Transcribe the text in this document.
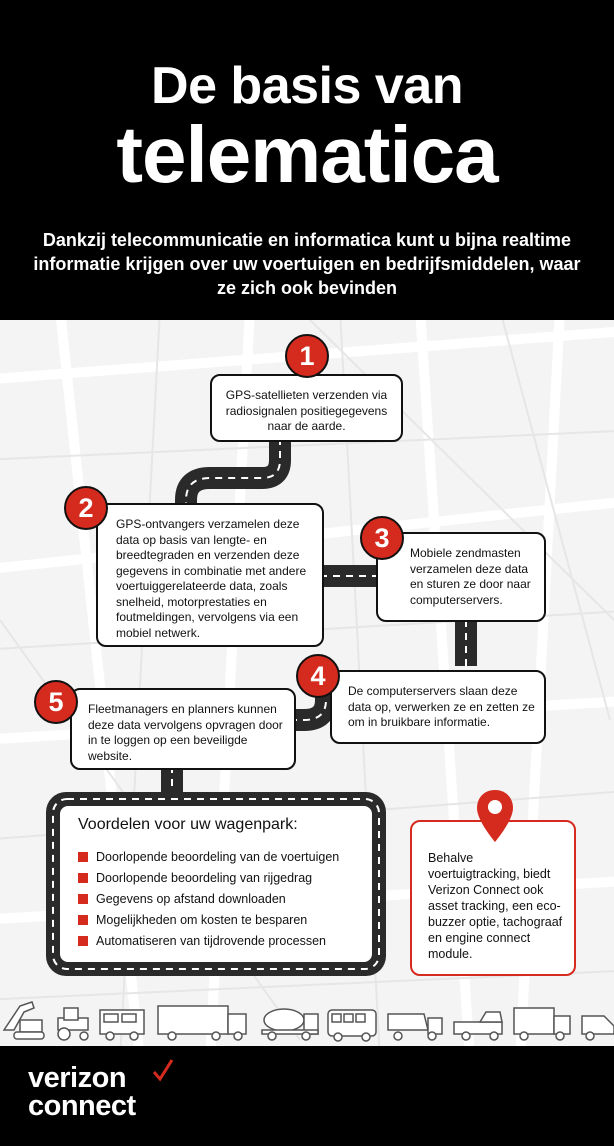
De basis van
telematica
Dankzij telecommunicatie en informatica kunt u bijna realtime informatie krijgen over uw voertuigen en bedrijfsmiddelen, waar ze zich ook bevinden
GPS-satellieten verzenden via radiosignalen positiegegevens naar de aarde.
1
GPS-ontvangers verzamelen deze data op basis van lengte- en breedtegraden en verzenden deze gegevens in combinatie met andere voertuiggerelateerde data, zoals snelheid, motorprestaties en foutmeldingen, vervolgens via een mobiel netwerk.
2
Mobiele zendmasten verzamelen deze data en sturen ze door naar computerservers.
3
De computerservers slaan deze data op, verwerken ze en zetten ze om in bruikbare informatie.
4
Fleetmanagers en planners kunnen deze data vervolgens opvragen door in te loggen op een beveiligde website.
5
Voordelen voor uw wagenpark:
Doorlopende beoordeling van de voertuigen
Doorlopende beoordeling van rijgedrag
Gegevens op afstand downloaden
Mogelijkheden om kosten te besparen
Automatiseren van tijdrovende processen
Behalve voertuigtracking, biedt Verizon Connect ook asset tracking, een eco-buzzer optie, tachograaf en engine connect module.
verizon
connect
